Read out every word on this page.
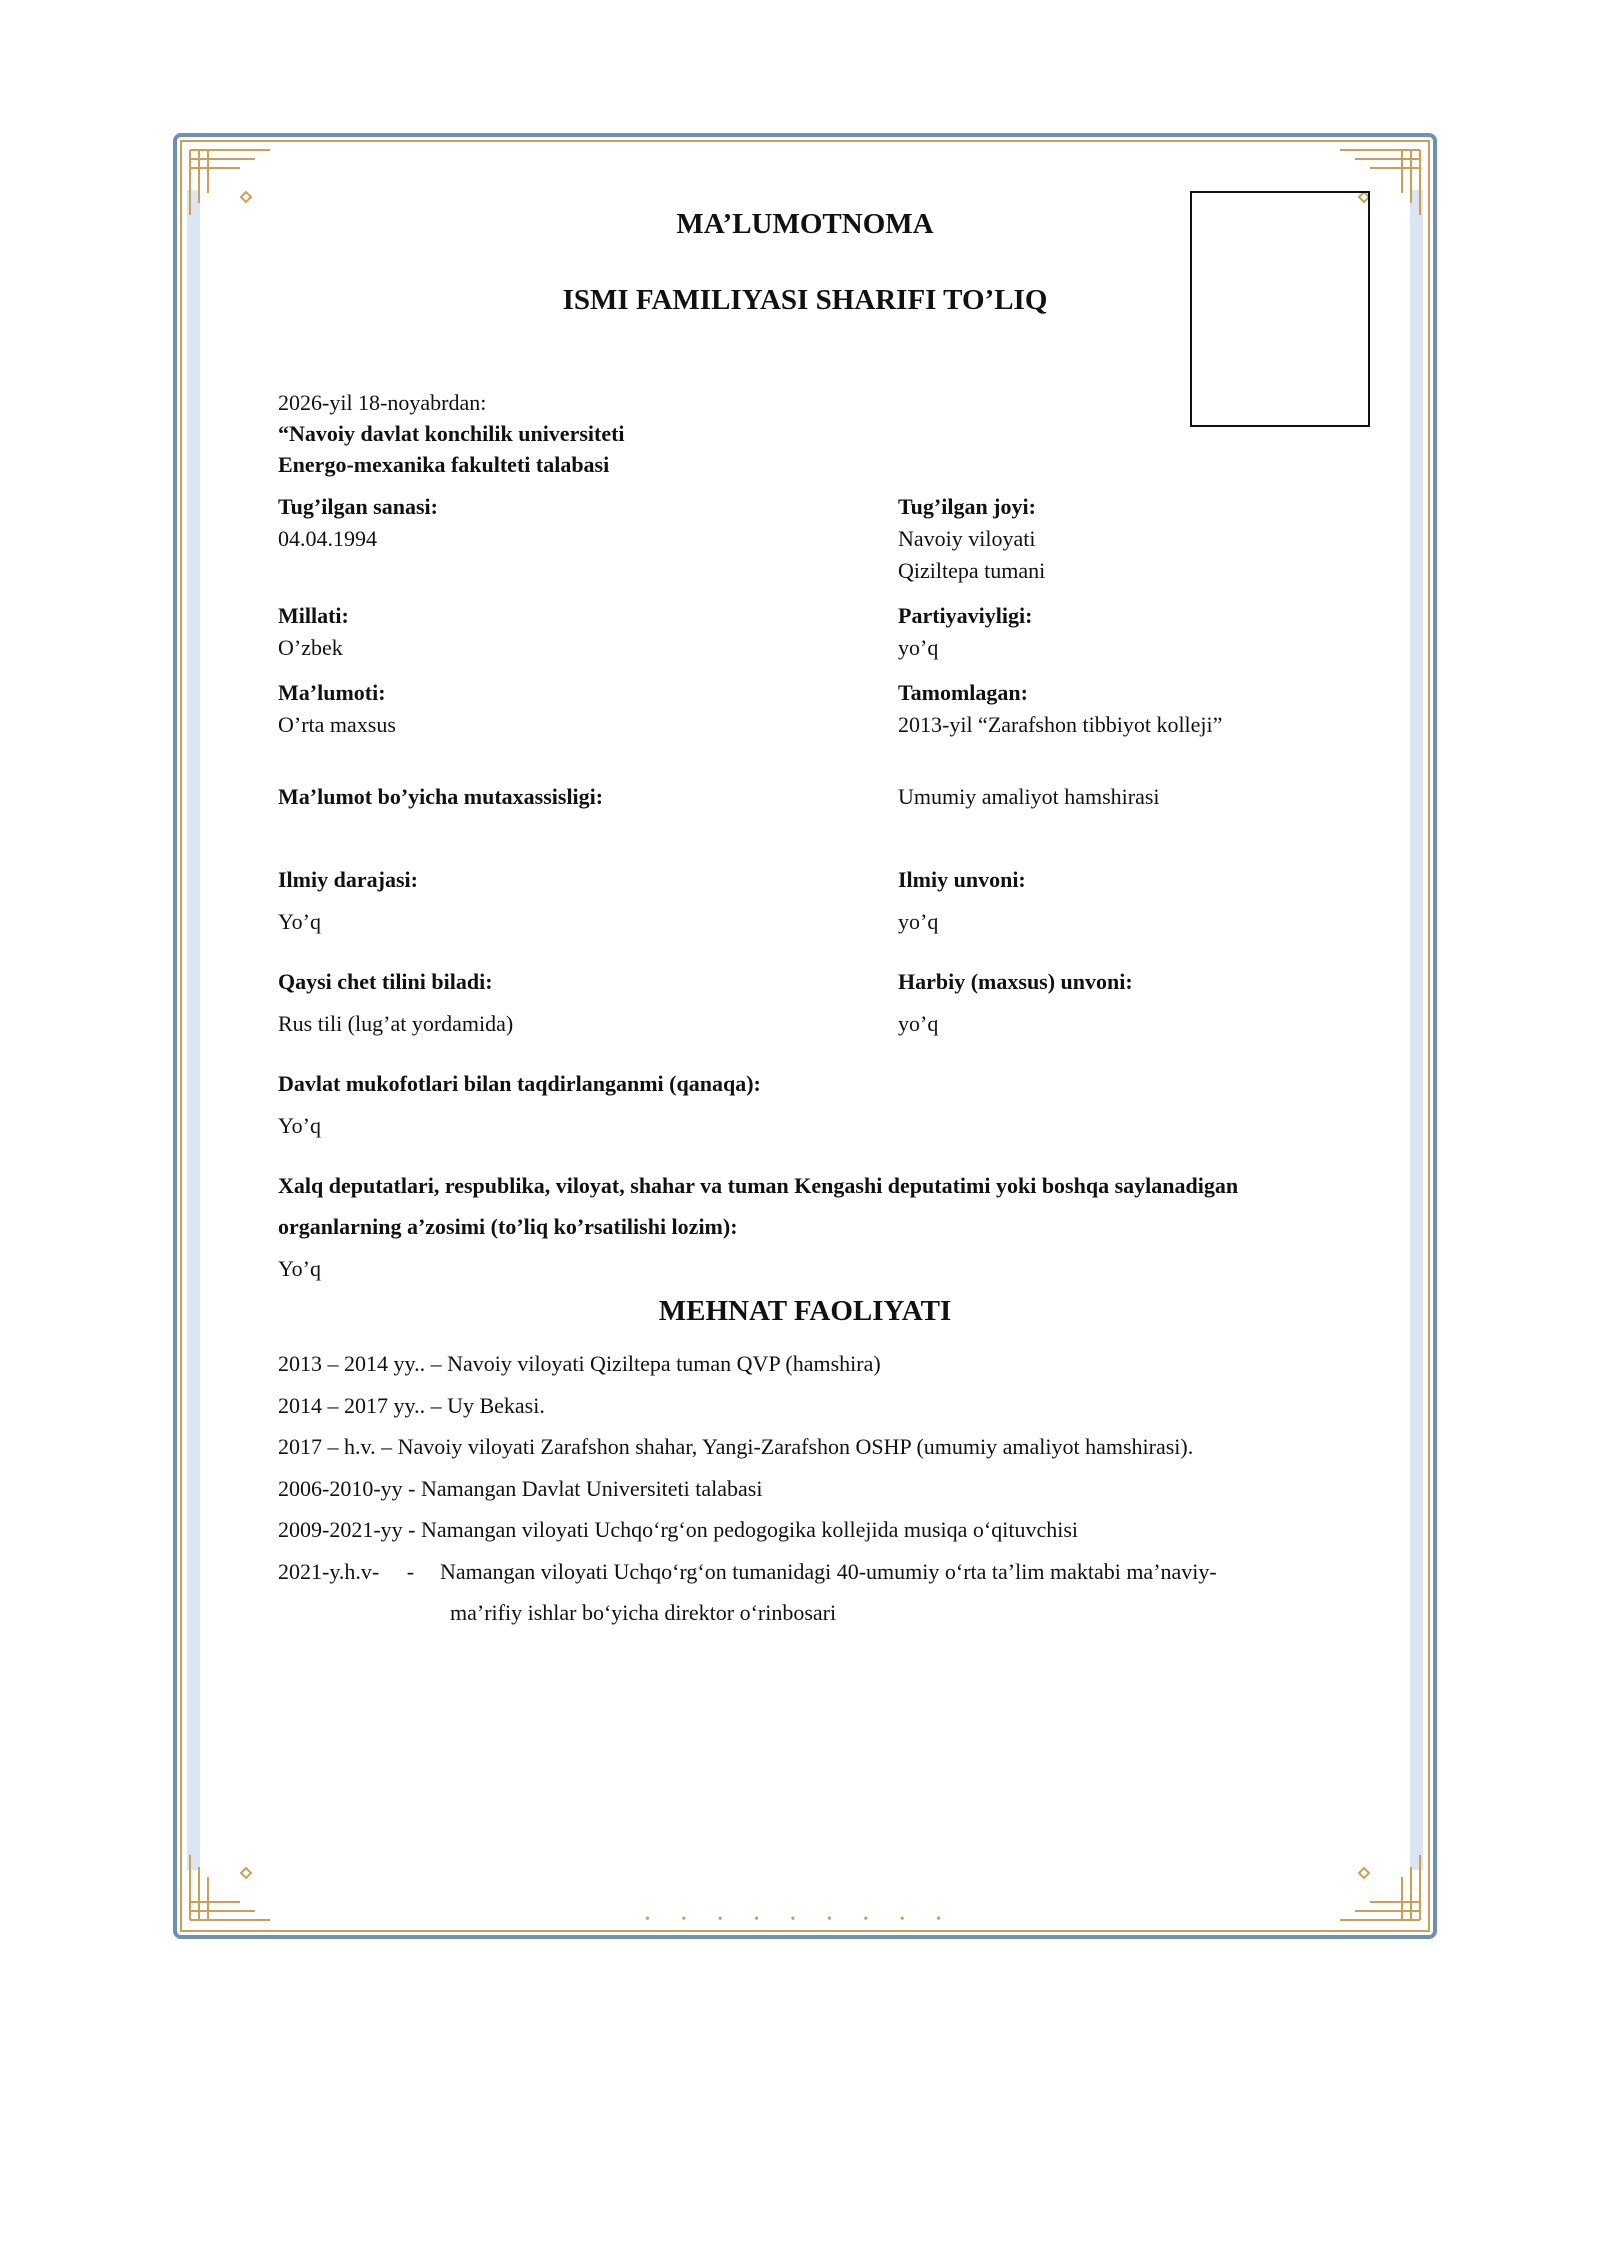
• • • • • • • • •
MA’LUMOTNOMA
ISMI FAMILIYASI SHARIFI TO’LIQ
2026-yil 18-noyabrdan:
“Navoiy davlat konchilik universiteti
Energo-mexanika fakulteti talabasi
Tug’ilgan sanasi:
04.04.1994
Tug’ilgan joyi:
Navoiy viloyati
Qiziltepa tumani
Millati:
O’zbek
Partiyaviyligi:
yo’q
Ma’lumoti:
O’rta maxsus
Tamomlagan:
2013-yil “Zarafshon tibbiyot kolleji”
Ma’lumot bo’yicha mutaxassisligi:	Umumiy amaliyot hamshirasi
Ilmiy darajasi:
Yo’q
Ilmiy unvoni:
yo’q
Qaysi chet tilini biladi:
Rus tili (lug’at yordamida)
Harbiy (maxsus) unvoni:
yo’q
Davlat mukofotlari bilan taqdirlanganmi (qanaqa):
Yo’q
Xalq deputatlari, respublika, viloyat, shahar va tuman Kengashi deputatimi yoki boshqa saylanadigan
organlarning a’zosimi (to’liq ko’rsatilishi lozim):
Yo’q
MEHNAT FAOLIYATI
2013 – 2014 yy.. – Navoiy viloyati Qiziltepa tuman QVP (hamshira)
2014 – 2017 yy.. – Uy Bekasi.
2017 – h.v. – Navoiy viloyati Zarafshon shahar, Yangi-Zarafshon OSHP (umumiy amaliyot hamshirasi).
2006-2010-yy - Namangan Davlat Universiteti talabasi
2009-2021-yy - Namangan viloyati Uchqo‘rg‘on pedogogika kollejida musiqa o‘qituvchisi
2021-y.h.v-     - Namangan viloyati Uchqo‘rg‘on tumanidagi 40-umumiy o‘rta ta’lim maktabi ma’naviy-
ma’rifiy ishlar bo‘yicha direktor o‘rinbosari
